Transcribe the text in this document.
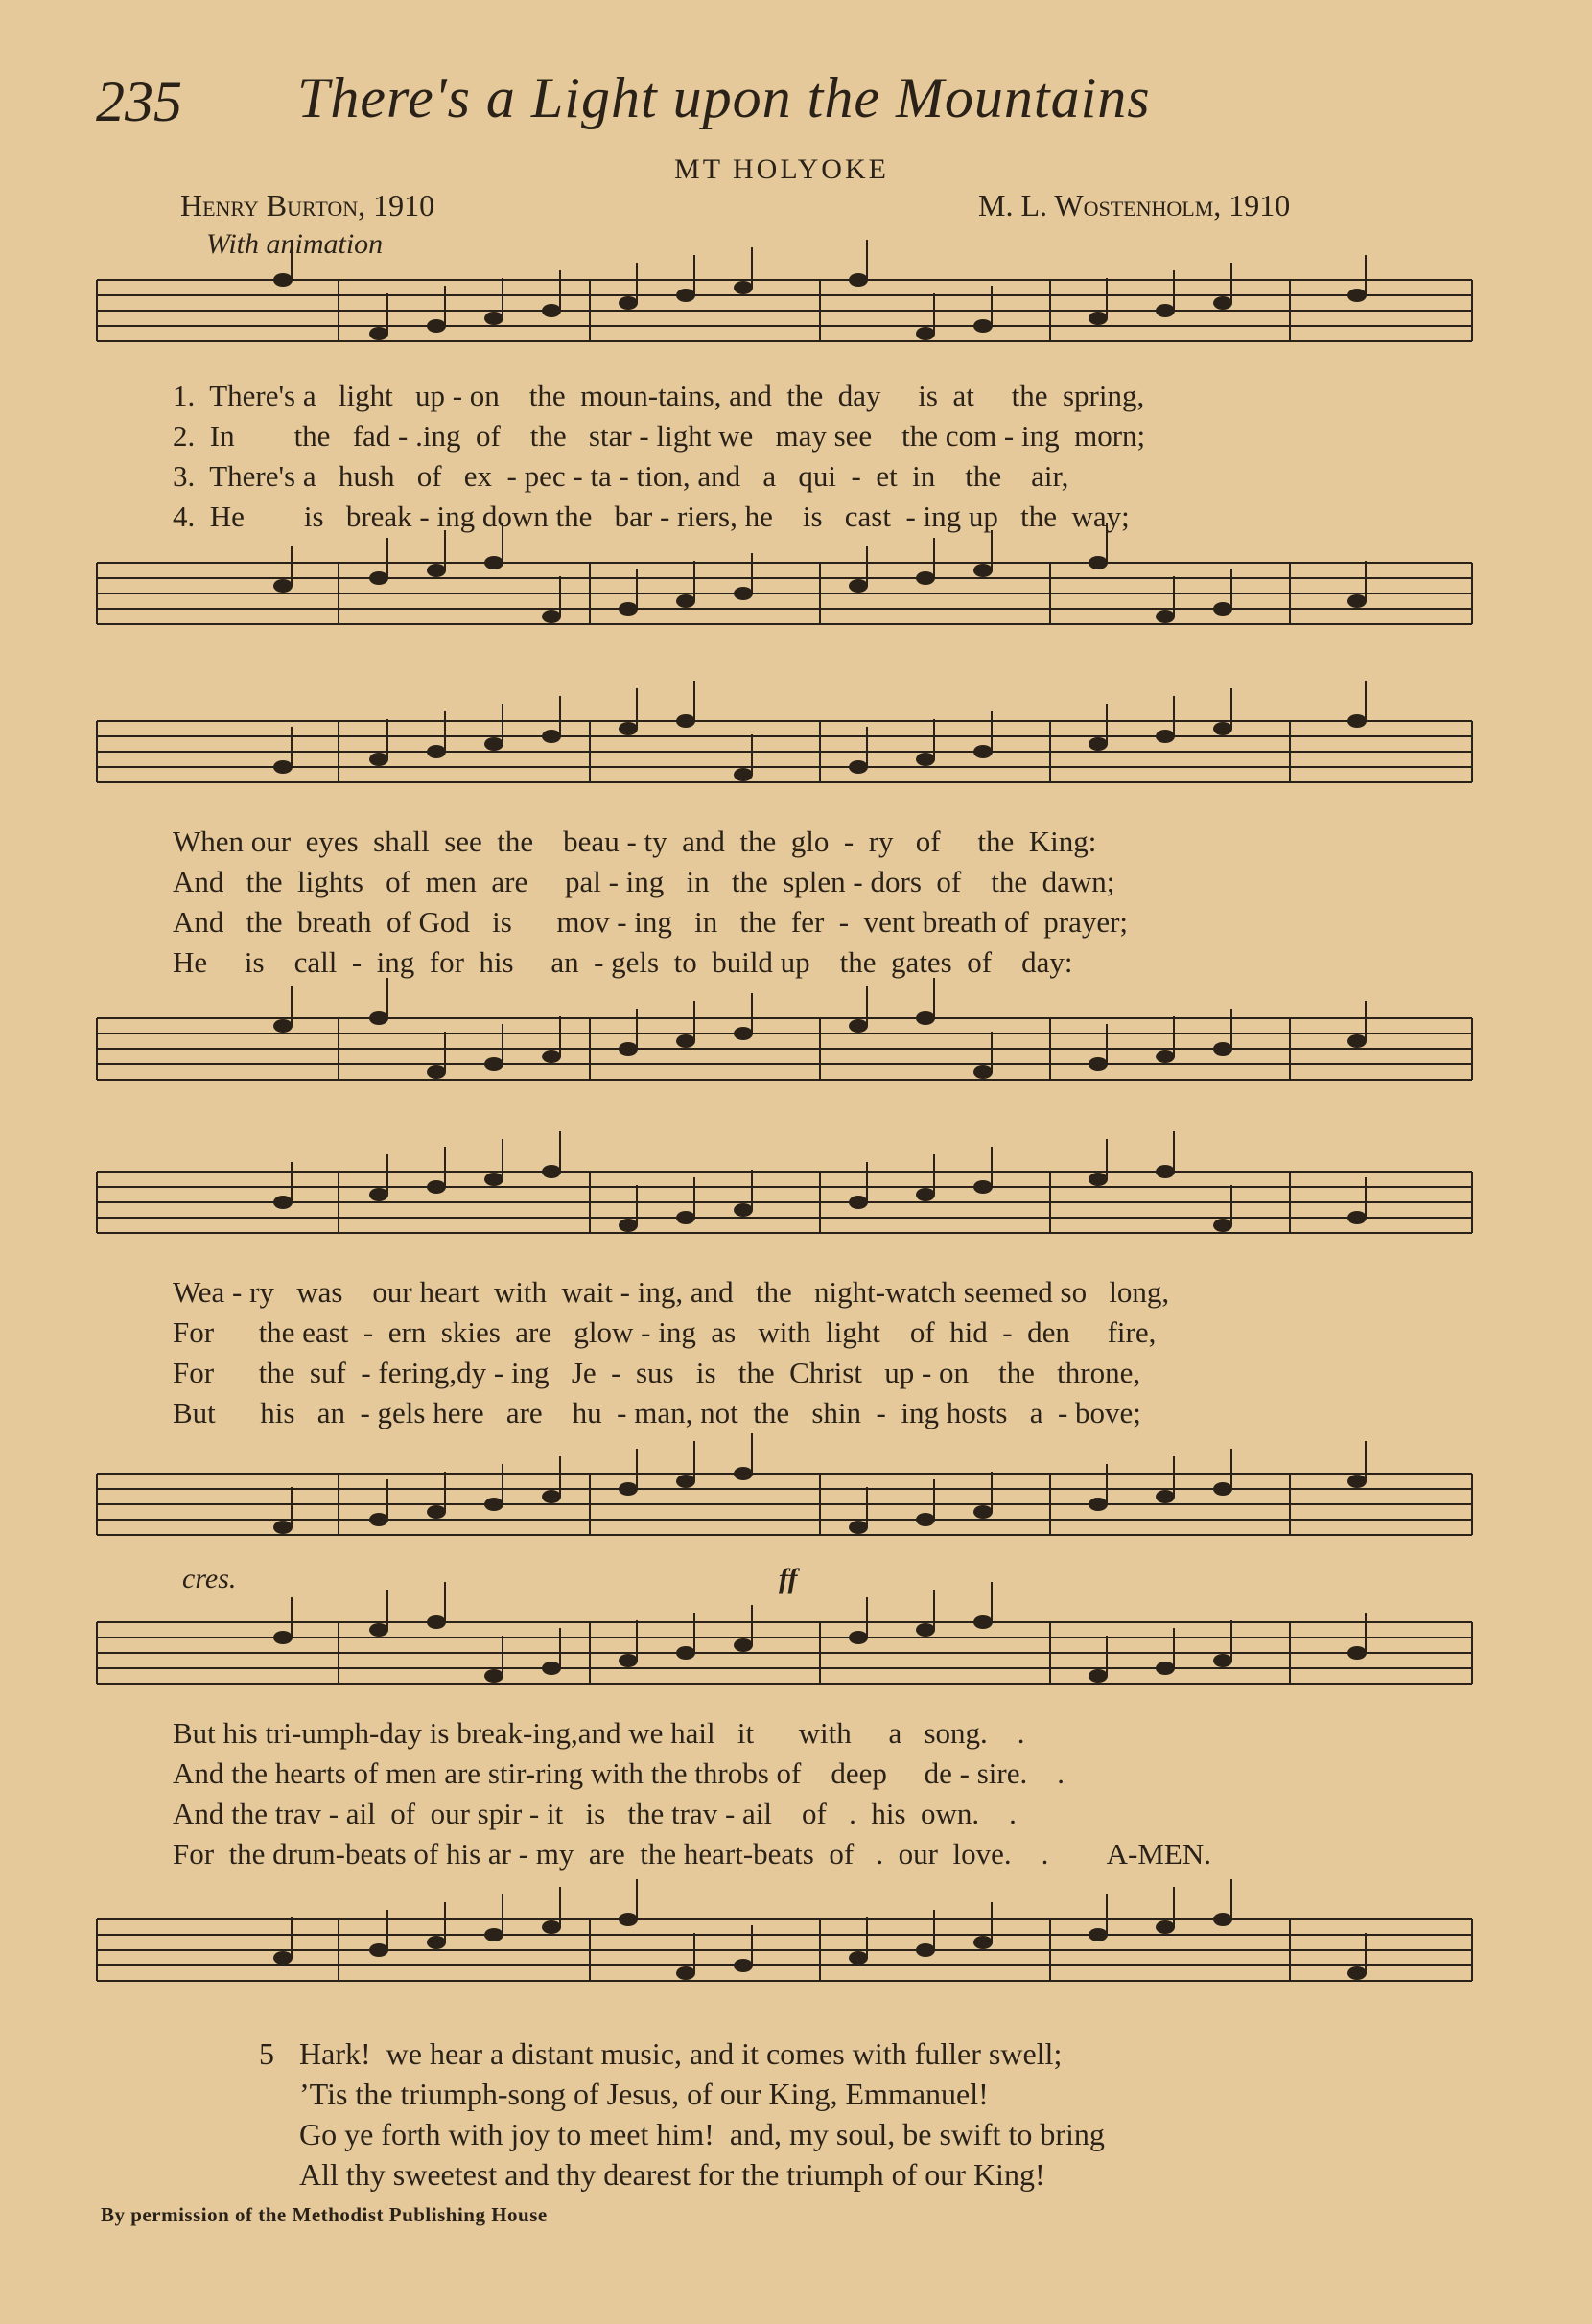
235 There's a Light upon the Mountains
MT HOLYOKE
Henry Burton, 1910	M. L. Wostenholm, 1910
With animation
1.  There's a   light   up - on    the  moun-tains, and  the  day     is  at     the  spring,
2.  In        the   fad - .ing  of    the   star - light we   may see    the com - ing  morn;
3.  There's a   hush   of   ex  - pec - ta - tion, and   a   qui  -  et  in    the    air,
4.  He        is   break - ing down the   bar - riers, he    is   cast  - ing up   the  way;
When our  eyes  shall  see  the    beau - ty  and  the  glo  -  ry   of     the  King:
And   the  lights   of  men  are     pal - ing   in   the  splen - dors  of    the  dawn;
And   the  breath  of God   is      mov - ing   in   the  fer  -  vent breath of  prayer;
He     is    call  -  ing  for  his     an  - gels  to  build up    the  gates  of    day:
Wea - ry   was    our heart  with  wait - ing, and   the   night-watch seemed so   long,
For      the east  -  ern  skies  are   glow - ing  as   with  light    of  hid  -  den     fire,
For      the  suf  - fering,dy - ing   Je  -  sus   is   the  Christ   up - on    the   throne,
But      his   an  - gels here   are    hu  - man, not  the   shin  -  ing hosts   a  - bove;
cres.	ff
But his tri-umph-day is break-ing,and we hail   it      with     a   song.    .
And the hearts of men are stir-ring with the throbs of    deep     de - sire.    .
And the trav - ail  of  our spir - it   is   the trav - ail    of   .  his  own.    .
For  the drum-beats of his ar - my  are  the heart-beats  of   .  our  love.    .        A-MEN.
5 Hark!  we hear a distant music, and it comes with fuller swell;
’Tis the triumph-song of Jesus, of our King, Emmanuel!
Go ye forth with joy to meet him!  and, my soul, be swift to bring
All thy sweetest and thy dearest for the triumph of our King!
By permission of the Methodist Publishing House
